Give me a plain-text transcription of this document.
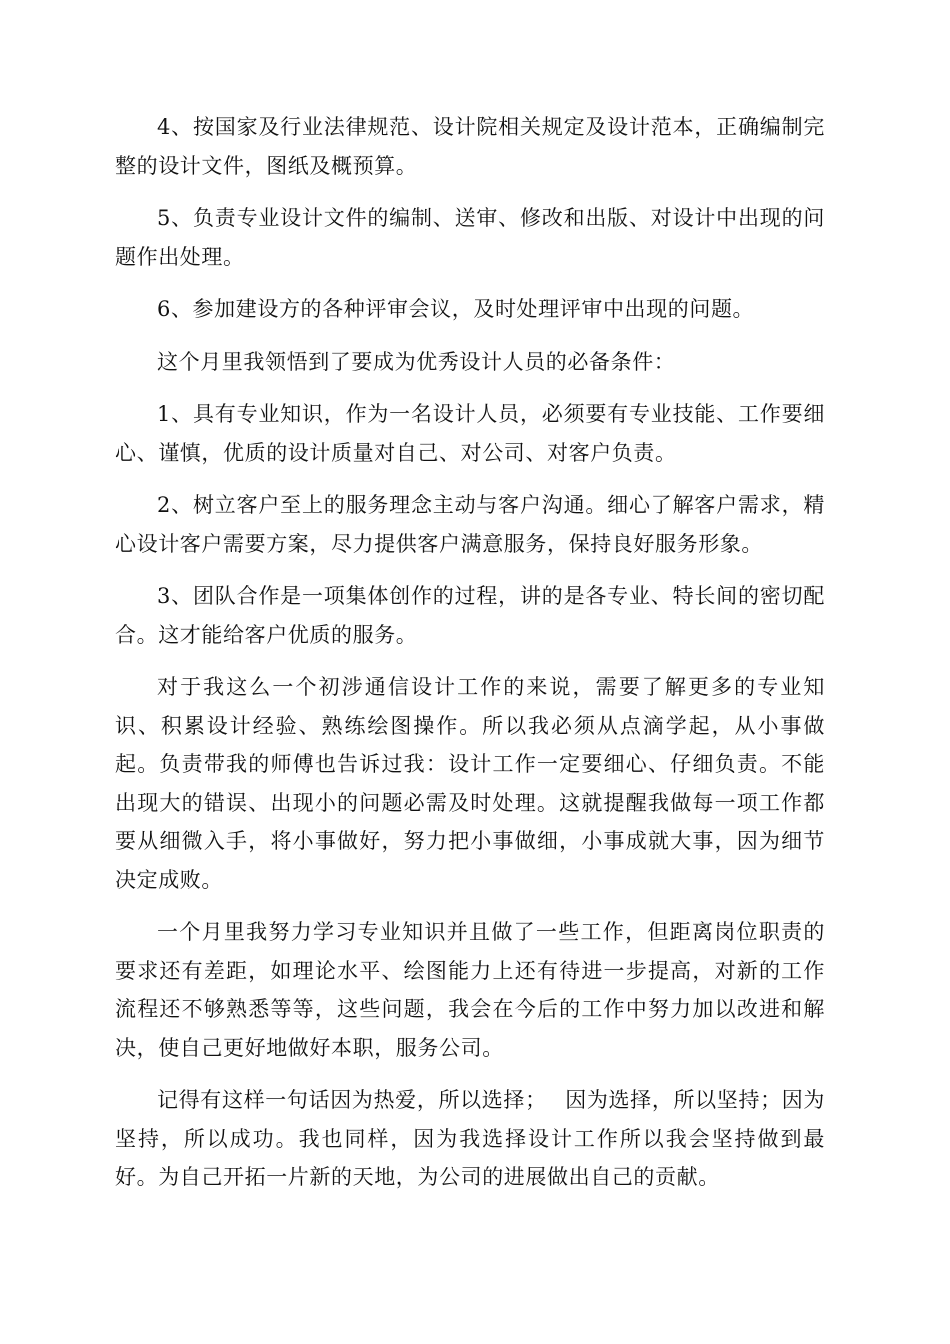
4、按国家及行业法律规范、设计院相关规定及设计范本，正确编制完整的设计文件，图纸及概预算。

5、负责专业设计文件的编制、送审、修改和出版、对设计中出现的问题作出处理。

6、参加建设方的各种评审会议，及时处理评审中出现的问题。

这个月里我领悟到了要成为优秀设计人员的必备条件：

1、具有专业知识，作为一名设计人员，必须要有专业技能、工作要细心、谨慎，优质的设计质量对自己、对公司、对客户负责。

2、树立客户至上的服务理念主动与客户沟通。细心了解客户需求，精心设计客户需要方案，尽力提供客户满意服务，保持良好服务形象。

3、团队合作是一项集体创作的过程，讲的是各专业、特长间的密切配合。这才能给客户优质的服务。

对于我这么一个初涉通信设计工作的来说，需要了解更多的专业知识、积累设计经验、熟练绘图操作。所以我必须从点滴学起，从小事做起。负责带我的师傅也告诉过我：设计工作一定要细心、仔细负责。不能出现大的错误、出现小的问题必需及时处理。这就提醒我做每一项工作都要从细微入手，将小事做好，努力把小事做细，小事成就大事，因为细节决定成败。

一个月里我努力学习专业知识并且做了一些工作，但距离岗位职责的要求还有差距，如理论水平、绘图能力上还有待进一步提高，对新的工作流程还不够熟悉等等，这些问题，我会在今后的工作中努力加以改进和解决，使自己更好地做好本职，服务公司。

记得有这样一句话因为热爱，所以选择；　 因为选择，所以坚持；因为坚持，所以成功。我也同样，因为我选择设计工作所以我会坚持做到最好。为自己开拓一片新的天地，为公司的进展做出自己的贡献。
